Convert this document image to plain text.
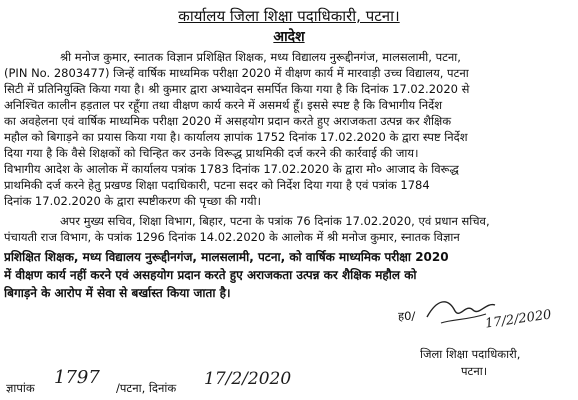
कार्यालय जिला शिक्षा पदाधिकारी, पटना।
आदेश
श्री मनोज कुमार, स्नातक विज्ञान प्रशिक्षित शिक्षक, मध्य विद्यालय नुरूद्दीनगंज, मालसलामी, पटना,
(PIN No. 2803477) जिन्हें वार्षिक माध्यमिक परीक्षा 2020 में वीक्षण कार्य में मारवाड़ी उच्च विद्यालय, पटना
सिटी में प्रतिनियुक्ति किया गया है। श्री कुमार द्वारा अभ्यावेदन समर्पित किया गया है कि दिनांक 17.02.2020 से
अनिश्चित कालीन हड़ताल पर रहूँगा तथा वीक्षण कार्य करने में असमर्थ हूँ। इससे स्पष्ट है कि विभागीय निर्देश
का अवहेलना एवं वार्षिक माध्यमिक परीक्षा 2020 में असहयोग प्रदान करते हुए अराजकता उत्पन्न कर शैक्षिक
महौल को बिगाड़ने का प्रयास किया गया है। कार्यालय ज्ञापांक 1752 दिनांक 17.02.2020 के द्वारा स्पष्ट निर्देश
दिया गया है कि वैसे शिक्षकों को चिन्हित कर उनके विरूद्ध प्राथमिकी दर्ज करने की कार्रवाई की जाय।
विभागीय आदेश के आलोक में कार्यालय पत्रांक 1783 दिनांक 17.02.2020 के द्वारा मो० आजाद के विरूद्ध
प्राथमिकी दर्ज करने हेतु प्रखण्ड शिक्षा पदाधिकारी, पटना सदर को निर्देश दिया गया है एवं पत्रांक 1784
दिनांक 17.02.2020 के द्वारा स्पष्टीकरण की पृच्छा की गयी।
अपर मुख्य सचिव, शिक्षा विभाग, बिहार, पटना के पत्रांक 76 दिनांक 17.02.2020, एवं प्रधान सचिव,
पंचायती राज विभाग, के पत्रांक 1296 दिनांक 14.02.2020 के आलोक में श्री मनोज कुमार, स्नातक विज्ञान
प्रशिक्षित शिक्षक, मध्य विद्यालय नुरूद्दीनगंज, मालसलामी, पटना, को वार्षिक माध्यमिक परीक्षा 2020
में वीक्षण कार्य नहीं करने एवं असहयोग प्रदान करते हुए अराजकता उत्पन्न कर शैक्षिक महौल को
बिगाड़ने के आरोप में सेवा से बर्खास्त किया जाता है।
ह0/	17/2/2020
जिला शिक्षा पदाधिकारी,
पटना।
ज्ञापांक 1797 /पटना, दिनांक 17/2/2020
